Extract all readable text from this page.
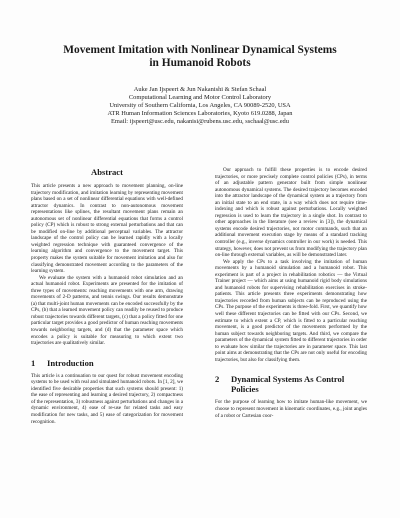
Movement Imitation with Nonlinear Dynamical Systems
in Humanoid Robots
Auke Jan Ijspeert & Jun Nakanishi & Stefan Schaal
Computational Learning and Motor Control Laboratory
University of Southern California, Los Angeles, CA 90089-2520, USA
ATR Human Information Sciences Laboratories, Kyoto 619.0288, Japan
Email: ijspeert@usc.edu, nakanisi@rubens.usc.edu, sschaal@usc.edu
Abstract

This article presents a new approach to movement planning, on-line trajectory modification, and imitation learning by representing movement plans based on a set of nonlinear differential equations with well-defined attractor dynamics. In contrast to non-autonomous movement representations like splines, the resultant movement plans remain an autonomous set of nonlinear differential equations that forms a control policy (CP) which is robust to strong external perturbations and that can be modified on-line by additional perceptual variables. The attractor landscape of the control policy can be learned rapidly with a locally weighted regression technique with guaranteed convergence of the learning algorithm and convergence to the movement target. This property makes the system suitable for movement imitation and also for classifying demonstrated movement according to the parameters of the learning system.

We evaluate the system with a humanoid robot simulation and an actual humanoid robot. Experiments are presented for the imitation of three types of movements: reaching movements with one arm, drawing movements of 2-D patterns, and tennis swings. Our results demonstrate (a) that multi-joint human movements can be encoded successfully by the CPs, (b) that a learned movement policy can readily be reused to produce robust trajectories towards different targets, (c) that a policy fitted for one particular target provides a good predictor of human reaching movements towards neighboring targets, and (d) that the parameter space which encodes a policy is suitable for measuring to which extent two trajectories are qualitatively similar.

1 Introduction

This article is a continuation to our quest for robust movement encoding systems to be used with real and simulated humanoid robots. In [1, 2], we identified five desirable properties that such systems should present: 1) the ease of representing and learning a desired trajectory, 2) compactness of the representation, 3) robustness against perturbations and changes in a dynamic environment, 4) ease of re-use for related tasks and easy modification for new tasks, and 5) ease of categorization for movement recognition.

Our approach to fulfill these properties is to encode desired trajectories, or more precisely complete control policies (CPs), in terms of an adjustable pattern generator built from simple nonlinear autonomous dynamical systems. The desired trajectory becomes encoded into the attractor landscape of the dynamical system as a trajectory from an initial state to an end state, in a way which does not require time-indexing and which is robust against perturbations. Locally weighted regression is used to learn the trajectory in a single shot. In contrast to other approaches in the literature (see a review in [3]), the dynamical systems encode desired trajectories, not motor commands, such that an additional movement execution stage by means of a standard tracking controller (e.g., inverse dynamics controller in our work) is needed. This strategy, however, does not prevent us from modifying the trajectory plan on-line through external variables, as will be demonstrated later.

We apply the CPs to a task involving the imitation of human movements by a humanoid simulation and a humanoid robot. This experiment is part of a project in rehabilitation robotics — the Virtual Trainer project — which aims at using humanoid rigid body simulations and humanoid robots for supervising rehabilitation exercises in stroke-patients. This article presents three experiments demonstrating how trajectories recorded from human subjects can be reproduced using the CPs. The purpose of the experiments is three-fold. First, we quantify how well these different trajectories can be fitted with our CPs. Second, we estimate to which extent a CP, which is fitted to a particular reaching movement, is a good predictor of the movements performed by the human subject towards neighboring targets. And third, we compare the parameters of the dynamical system fitted to different trajectories in order to evaluate how similar the trajectories are in parameter space. This last point aims at demonstrating that the CPs are not only useful for encoding trajectories, but also for classifying them.

2 Dynamical Systems As Control
Policies

For the purpose of learning how to imitate human-like movement, we choose to represent movement in kinematic coordinates, e.g., joint angles of a robot or Cartesian coor-
